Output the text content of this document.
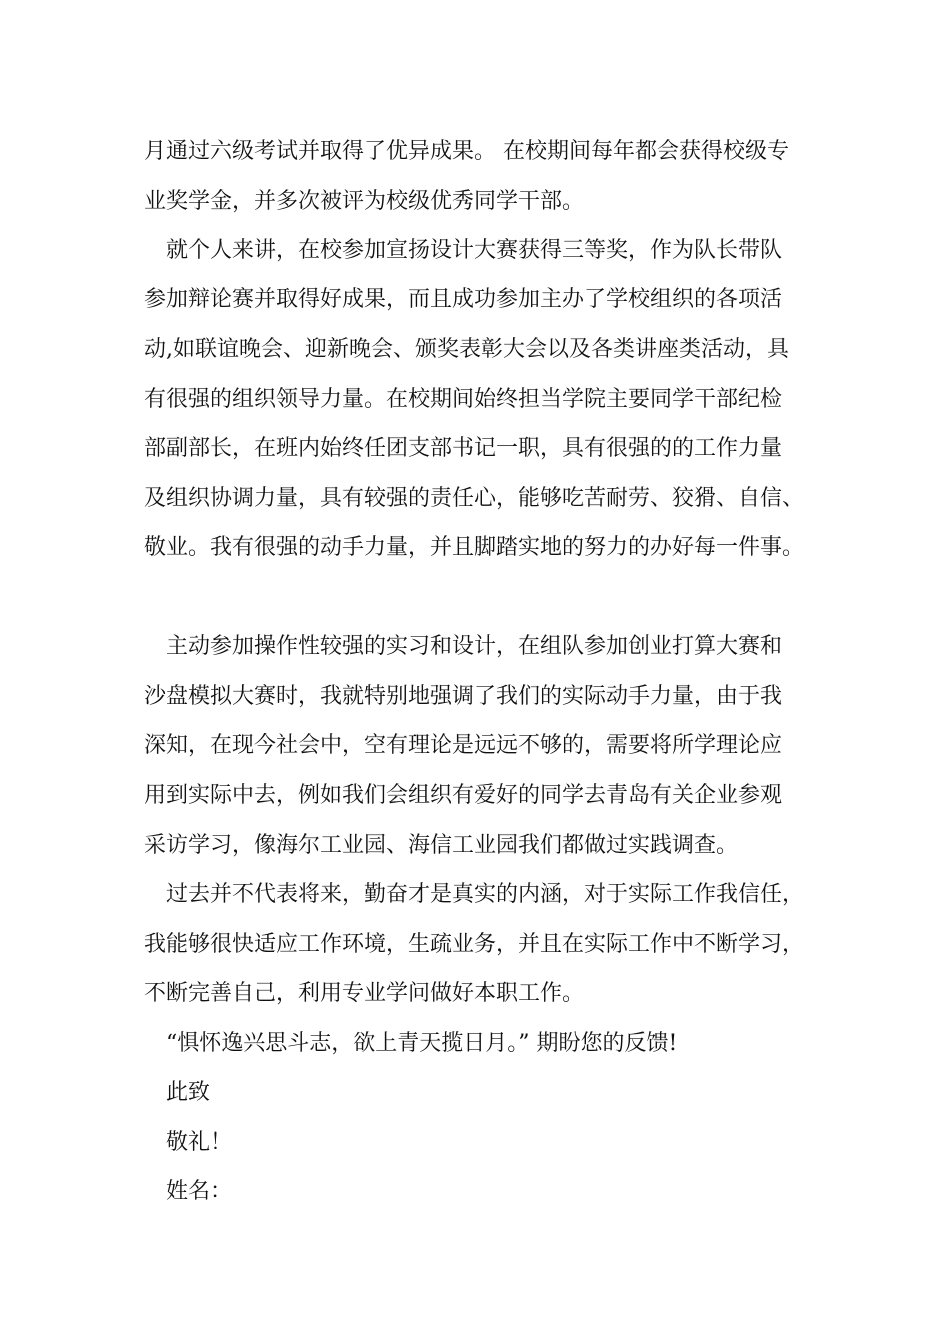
月通过六级考试并取得了优异成果。 在校期间每年都会获得校级专
业奖学金，并多次被评为校级优秀同学干部。
就个人来讲，在校参加宣扬设计大赛获得三等奖，作为队长带队
参加辩论赛并取得好成果，而且成功参加主办了学校组织的各项活
动,如联谊晚会、迎新晚会、颁奖表彰大会以及各类讲座类活动，具
有很强的组织领导力量。在校期间始终担当学院主要同学干部纪检
部副部长，在班内始终任团支部书记一职，具有很强的的工作力量
及组织协调力量，具有较强的责任心，能够吃苦耐劳、狡猾、自信、
敬业。我有很强的动手力量，并且脚踏实地的努力的办好每一件事。
主动参加操作性较强的实习和设计，在组队参加创业打算大赛和
沙盘模拟大赛时，我就特别地强调了我们的实际动手力量，由于我
深知，在现今社会中，空有理论是远远不够的，需要将所学理论应
用到实际中去，例如我们会组织有爱好的同学去青岛有关企业参观
采访学习，像海尔工业园、海信工业园我们都做过实践调查。
过去并不代表将来，勤奋才是真实的内涵，对于实际工作我信任，
我能够很快适应工作环境，生疏业务，并且在实际工作中不断学习，
不断完善自己，利用专业学问做好本职工作。
“惧怀逸兴思斗志，欲上青天揽日月。” 期盼您的反馈!
此致
敬礼！
姓名：
